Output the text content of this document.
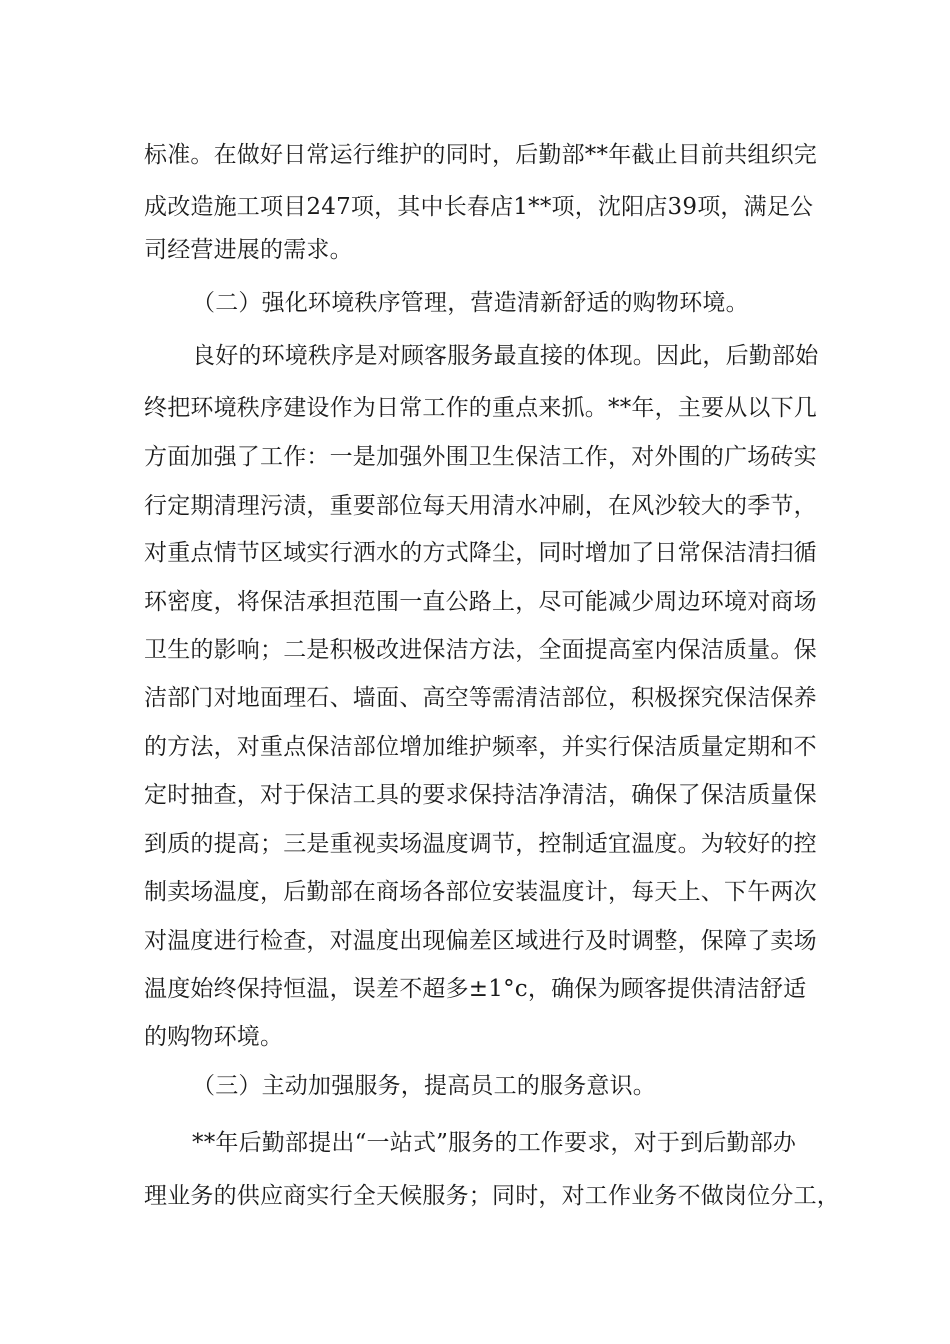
标准。在做好日常运行维护的同时，后勤部**年截止目前共组织完
成改造施工项目247项，其中长春店1**项，沈阳店39项，满足公
司经营进展的需求。
（二）强化环境秩序管理，营造清新舒适的购物环境。
良好的环境秩序是对顾客服务最直接的体现。因此，后勤部始
终把环境秩序建设作为日常工作的重点来抓。**年，主要从以下几
方面加强了工作：一是加强外围卫生保洁工作，对外围的广场砖实
行定期清理污渍，重要部位每天用清水冲刷，在风沙较大的季节，
对重点情节区域实行洒水的方式降尘，同时增加了日常保洁清扫循
环密度，将保洁承担范围一直公路上，尽可能减少周边环境对商场
卫生的影响；二是积极改进保洁方法，全面提高室内保洁质量。保
洁部门对地面理石、墙面、高空等需清洁部位，积极探究保洁保养
的方法，对重点保洁部位增加维护频率，并实行保洁质量定期和不
定时抽查，对于保洁工具的要求保持洁净清洁，确保了保洁质量保
到质的提高；三是重视卖场温度调节，控制适宜温度。为较好的控
制卖场温度，后勤部在商场各部位安装温度计，每天上、下午两次
对温度进行检查，对温度出现偏差区域进行及时调整，保障了卖场
温度始终保持恒温，误差不超多±1°c，确保为顾客提供清洁舒适
的购物环境。
（三）主动加强服务，提高员工的服务意识。
**年后勤部提出“一站式”服务的工作要求，对于到后勤部办
理业务的供应商实行全天候服务；同时，对工作业务不做岗位分工，
